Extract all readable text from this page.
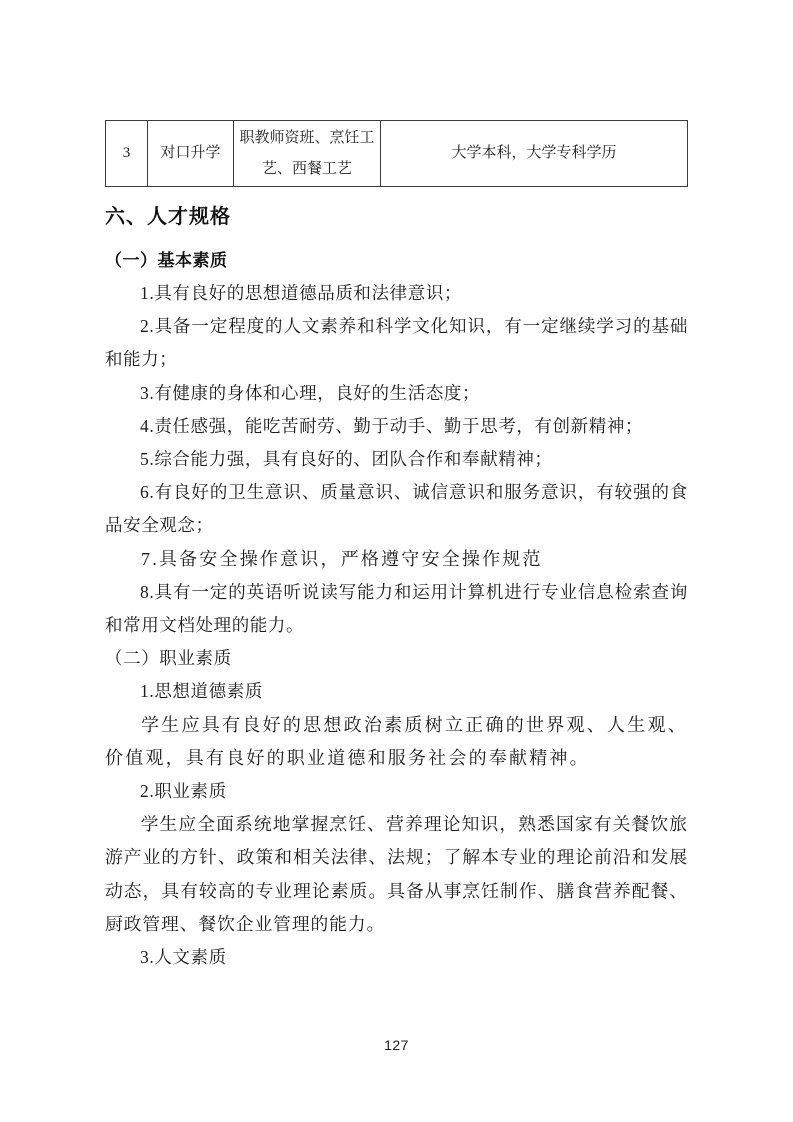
3	对口升学	职教师资班、烹饪工艺、西餐工艺	大学本科，大学专科学历
六、人才规格
（一）基本素质

1.具有良好的思想道德品质和法律意识；

2.具备一定程度的人文素养和科学文化知识，有一定继续学习的基础和能力；

3.有健康的身体和心理，良好的生活态度；

4.责任感强，能吃苦耐劳、勤于动手、勤于思考，有创新精神；

5.综合能力强，具有良好的、团队合作和奉献精神；

6.有良好的卫生意识、质量意识、诚信意识和服务意识，有较强的食品安全观念；

7.具备安全操作意识，严格遵守安全操作规范

8.具有一定的英语听说读写能力和运用计算机进行专业信息检索查询和常用文档处理的能力。

（二）职业素质

1.思想道德素质

学生应具有良好的思想政治素质树立正确的世界观、人生观、价值观，具有良好的职业道德和服务社会的奉献精神。

2.职业素质

学生应全面系统地掌握烹饪、营养理论知识，熟悉国家有关餐饮旅游产业的方针、政策和相关法律、法规；了解本专业的理论前沿和发展动态，具有较高的专业理论素质。具备从事烹饪制作、膳食营养配餐、厨政管理、餐饮企业管理的能力。

3.人文素质

127
